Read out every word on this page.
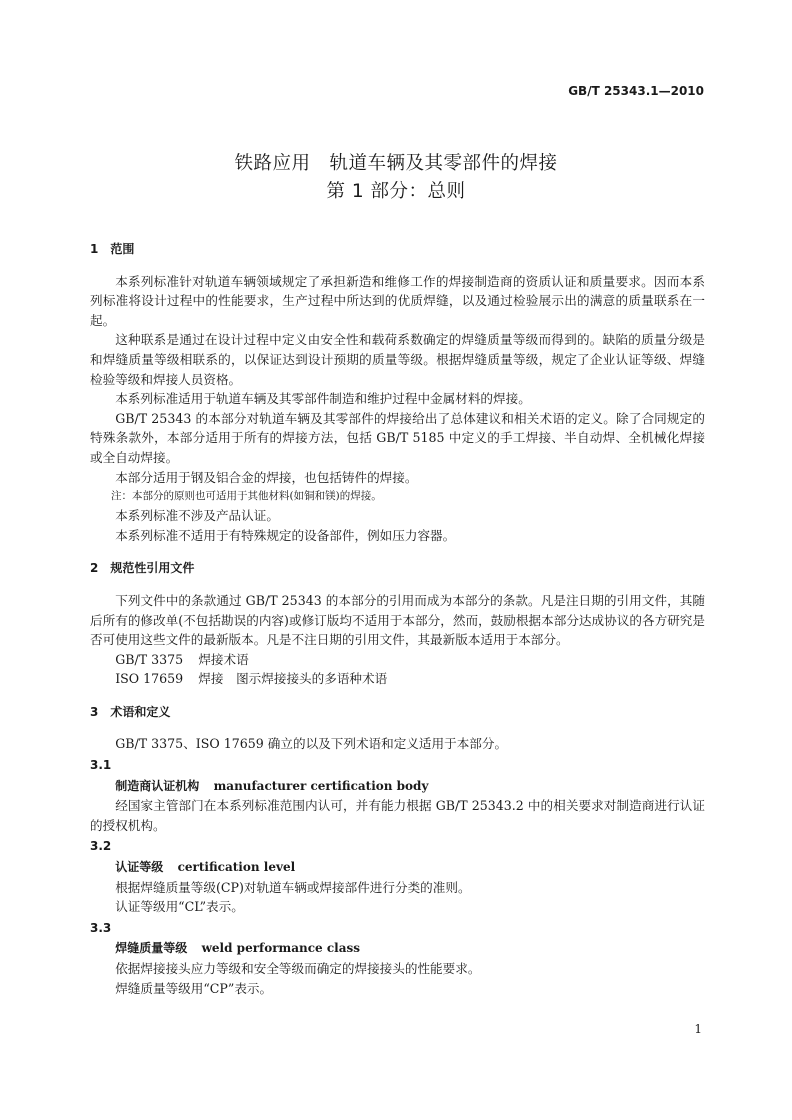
GB/T 25343.1—2010
铁路应用　轨道车辆及其零部件的焊接
第 1 部分：总则

1　范围

本系列标准针对轨道车辆领域规定了承担新造和维修工作的焊接制造商的资质认证和质量要求。因而本系列标准将设计过程中的性能要求，生产过程中所达到的优质焊缝，以及通过检验展示出的满意的质量联系在一起。

这种联系是通过在设计过程中定义由安全性和载荷系数确定的焊缝质量等级而得到的。缺陷的质量分级是和焊缝质量等级相联系的，以保证达到设计预期的质量等级。根据焊缝质量等级，规定了企业认证等级、焊缝检验等级和焊接人员资格。

本系列标准适用于轨道车辆及其零部件制造和维护过程中金属材料的焊接。

GB/T 25343 的本部分对轨道车辆及其零部件的焊接给出了总体建议和相关术语的定义。除了合同规定的特殊条款外，本部分适用于所有的焊接方法，包括 GB/T 5185 中定义的手工焊接、半自动焊、全机械化焊接或全自动焊接。

本部分适用于钢及铝合金的焊接，也包括铸件的焊接。

注：本部分的原则也可适用于其他材料(如铜和镁)的焊接。

本系列标准不涉及产品认证。

本系列标准不适用于有特殊规定的设备部件，例如压力容器。

2　规范性引用文件

下列文件中的条款通过 GB/T 25343 的本部分的引用而成为本部分的条款。凡是注日期的引用文件，其随后所有的修改单(不包括勘误的内容)或修订版均不适用于本部分，然而，鼓励根据本部分达成协议的各方研究是否可使用这些文件的最新版本。凡是不注日期的引用文件，其最新版本适用于本部分。

GB/T 3375 焊接术语

ISO 17659 焊接　图示焊接接头的多语种术语

3　术语和定义

GB/T 3375、ISO 17659 确立的以及下列术语和定义适用于本部分。

3.1

制造商认证机构 manufacturer certification body

经国家主管部门在本系列标准范围内认可，并有能力根据 GB/T 25343.2 中的相关要求对制造商进行认证的授权机构。

3.2

认证等级 certification level

根据焊缝质量等级(CP)对轨道车辆或焊接部件进行分类的准则。

认证等级用“CL”表示。

3.3

焊缝质量等级 weld performance class

依据焊接接头应力等级和安全等级而确定的焊接接头的性能要求。

焊缝质量等级用“CP”表示。

1
